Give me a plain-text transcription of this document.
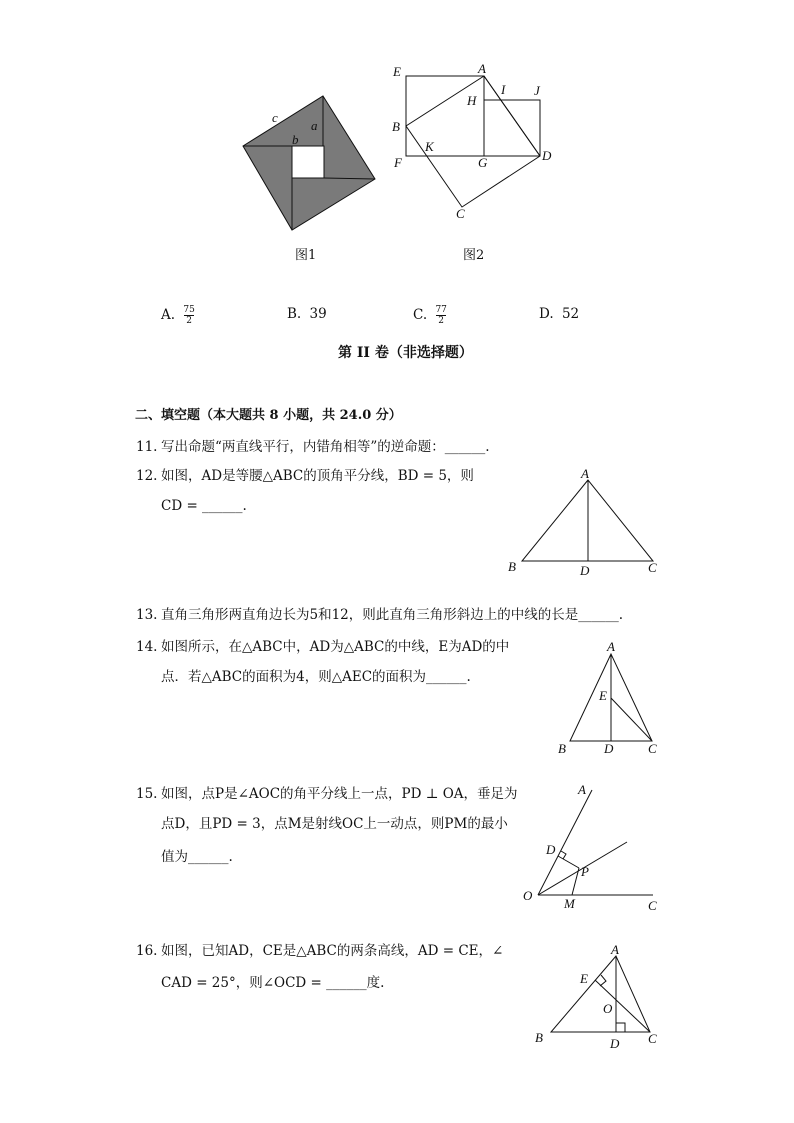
c
b
a
图1
E	A
I J
H
B
K
F	G	D
C
图2
A. $\frac{75}{2}$	B. 39	C. $\frac{77}{2}$	D. 52
第 II 卷（非选择题）
二、填空题（本大题共 8 小题，共 24.0 分）
11. 写出命题“两直线平行，内错角相等”的逆命题：______.
12. 如图，AD是等腰△ABC的顶角平分线，BD = 5，则
CD = ______.
A
B	D	C
13. 直角三角形两直角边长为5和12，则此直角三角形斜边上的中线的长是______.
14. 如图所示，在△ABC中，AD为△ABC的中线，E为AD的中
点．若△ABC的面积为4，则△AEC的面积为______.
A
E
B	D	C
15. 如图，点P是∠AOC的角平分线上一点，PD ⊥ OA，垂足为
点D，且PD = 3，点M是射线OC上一动点，则PM的最小
值为______.
A
D
P
O
M	C
16. 如图，已知AD，CE是△ABC的两条高线，AD = CE，∠
CAD = 25°，则∠OCD = ______度.
A
E
O
B	D C
